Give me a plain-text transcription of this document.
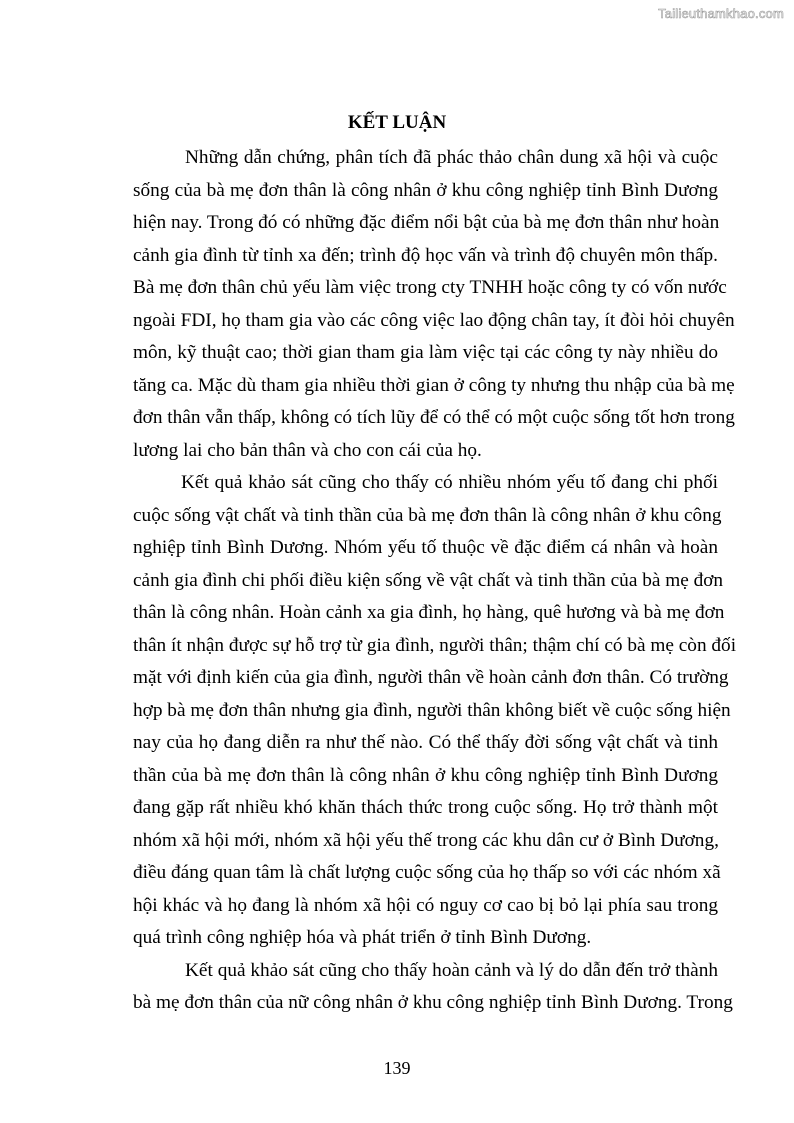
Tailieuthamkhao.com
KẾT LUẬN
Những dẫn chứng, phân tích đã phác thảo chân dung xã hội và cuộc
sống của bà mẹ đơn thân là công nhân ở khu công nghiệp tỉnh Bình Dương
hiện nay. Trong đó có những đặc điểm nổi bật của bà mẹ đơn thân như hoàn
cảnh gia đình từ tỉnh xa đến; trình độ học vấn và trình độ chuyên môn thấp.
Bà mẹ đơn thân chủ yếu làm việc trong cty TNHH hoặc công ty có vốn nước
ngoài FDI, họ tham gia vào các công việc lao động chân tay, ít đòi hỏi chuyên
môn, kỹ thuật cao; thời gian tham gia làm việc tại các công ty này nhiều do
tăng ca. Mặc dù tham gia nhiều thời gian ở công ty nhưng thu nhập của bà mẹ
đơn thân vẫn thấp, không có tích lũy để có thể có một cuộc sống tốt hơn trong
lương lai cho bản thân và cho con cái của họ.
Kết quả khảo sát cũng cho thấy có nhiều nhóm yếu tố đang chi phối
cuộc sống vật chất và tinh thần của bà mẹ đơn thân là công nhân ở khu công
nghiệp tỉnh Bình Dương. Nhóm yếu tố thuộc về đặc điểm cá nhân và hoàn
cảnh gia đình chi phối điều kiện sống về vật chất và tinh thần của bà mẹ đơn
thân là công nhân. Hoàn cảnh xa gia đình, họ hàng, quê hương và bà mẹ đơn
thân ít nhận được sự hỗ trợ từ gia đình, người thân; thậm chí có bà mẹ còn đối
mặt với định kiến của gia đình, người thân về hoàn cảnh đơn thân. Có trường
hợp bà mẹ đơn thân nhưng gia đình, người thân không biết về cuộc sống hiện
nay của họ đang diễn ra như thế nào. Có thể thấy đời sống vật chất và tinh
thần của bà mẹ đơn thân là công nhân ở khu công nghiệp tỉnh Bình Dương
đang gặp rất nhiều khó khăn thách thức trong cuộc sống. Họ trở thành một
nhóm xã hội mới, nhóm xã hội yếu thế trong các khu dân cư ở Bình Dương,
điều đáng quan tâm là chất lượng cuộc sống của họ thấp so với các nhóm xã
hội khác và họ đang là nhóm xã hội có nguy cơ cao bị bỏ lại phía sau trong
quá trình công nghiệp hóa và phát triển ở tỉnh Bình Dương.
Kết quả khảo sát cũng cho thấy hoàn cảnh và lý do dẫn đến trở thành
bà mẹ đơn thân của nữ công nhân ở khu công nghiệp tỉnh Bình Dương. Trong
139
